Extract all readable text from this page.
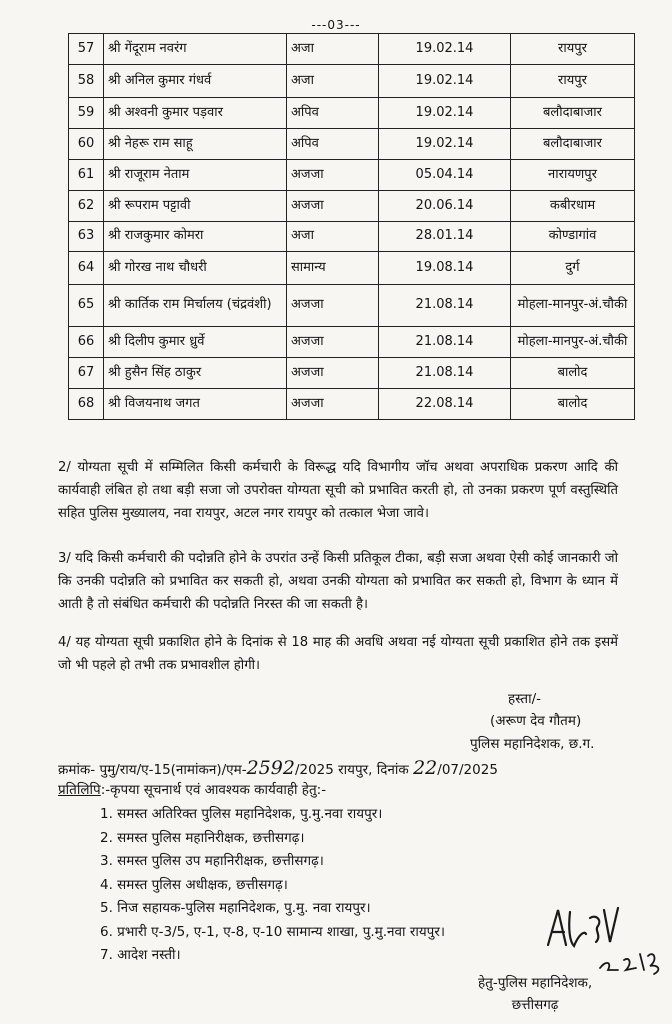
---03---
57	श्री गेंदूराम नवरंग	अजा	19.02.14	रायपुर
58	श्री अनिल कुमार गंधर्व	अजा	19.02.14	रायपुर
59	श्री अश्वनी कुमार पड़वार	अपिव	19.02.14	बलौदाबाजार
60	श्री नेहरू राम साहू	अपिव	19.02.14	बलौदाबाजार
61	श्री राजूराम नेताम	अजजा	05.04.14	नारायणपुर
62	श्री रूपराम पट्टावी	अजजा	20.06.14	कबीरधाम
63	श्री राजकुमार कोमरा	अजा	28.01.14	कोण्डागांव
64	श्री गोरख नाथ चौधरी	सामान्य	19.08.14	दुर्ग
65	श्री कार्तिक राम मिर्चालय (चंद्रवंशी)	अजजा	21.08.14	मोहला-मानपुर-अं.चौकी
66	श्री दिलीप कुमार ध्रुर्वे	अजजा	21.08.14	मोहला-मानपुर-अं.चौकी
67	श्री हुसैन सिंह ठाकुर	अजजा	21.08.14	बालोद
68	श्री विजयनाथ जगत	अजजा	22.08.14	बालोद
2/ योग्यता सूची में सम्मिलित किसी कर्मचारी के विरूद्ध यदि विभागीय जॉच अथवा अपराधिक प्रकरण आदि की कार्यवाही लंबित हो तथा बड़ी सजा जो उपरोक्त योग्यता सूची को प्रभावित करती हो, तो उनका प्रकरण पूर्ण वस्तुस्थिति सहित पुलिस मुख्यालय, नवा रायपुर, अटल नगर रायपुर को तत्काल भेजा जावे।
3/ यदि किसी कर्मचारी की पदोन्नति होने के उपरांत उन्हें किसी प्रतिकूल टीका, बड़ी सजा अथवा ऐसी कोई जानकारी जो कि उनकी पदोन्नति को प्रभावित कर सकती हो, अथवा उनकी योग्यता को प्रभावित कर सकती हो, विभाग के ध्यान में आती है तो संबंधित कर्मचारी की पदोन्नति निरस्त की जा सकती है।
4/ यह योग्यता सूची प्रकाशित होने के दिनांक से 18 माह की अवधि अथवा नई योग्यता सूची प्रकाशित होने तक इसमें जो भी पहले हो तभी तक प्रभावशील होगी।
हस्ता/-
(अरूण देव गौतम)
पुलिस महानिदेशक, छ.ग.
क्रमांक- पुमु/राय/ए-15(नामांकन)/एम-2592/2025 रायपुर, दिनांक 22/07/2025
प्रतिलिपि:-कृपया सूचनार्थ एवं आवश्यक कार्यवाही हेतु:-
1. समस्त अतिरिक्त पुलिस महानिदेशक, पु.मु.नवा रायपुर।
2. समस्त पुलिस महानिरीक्षक, छत्तीसगढ़।
3. समस्त पुलिस उप महानिरीक्षक, छत्तीसगढ़।
4. समस्त पुलिस अधीक्षक, छत्तीसगढ़।
5. निज सहायक-पुलिस महानिदेशक, पु.मु. नवा रायपुर।
6. प्रभारी ए-3/5, ए-1, ए-8, ए-10 सामान्य शाखा, पु.मु.नवा रायपुर।
7. आदेश नस्ती।
हेतु-पुलिस महानिदेशक,
छत्तीसगढ़
